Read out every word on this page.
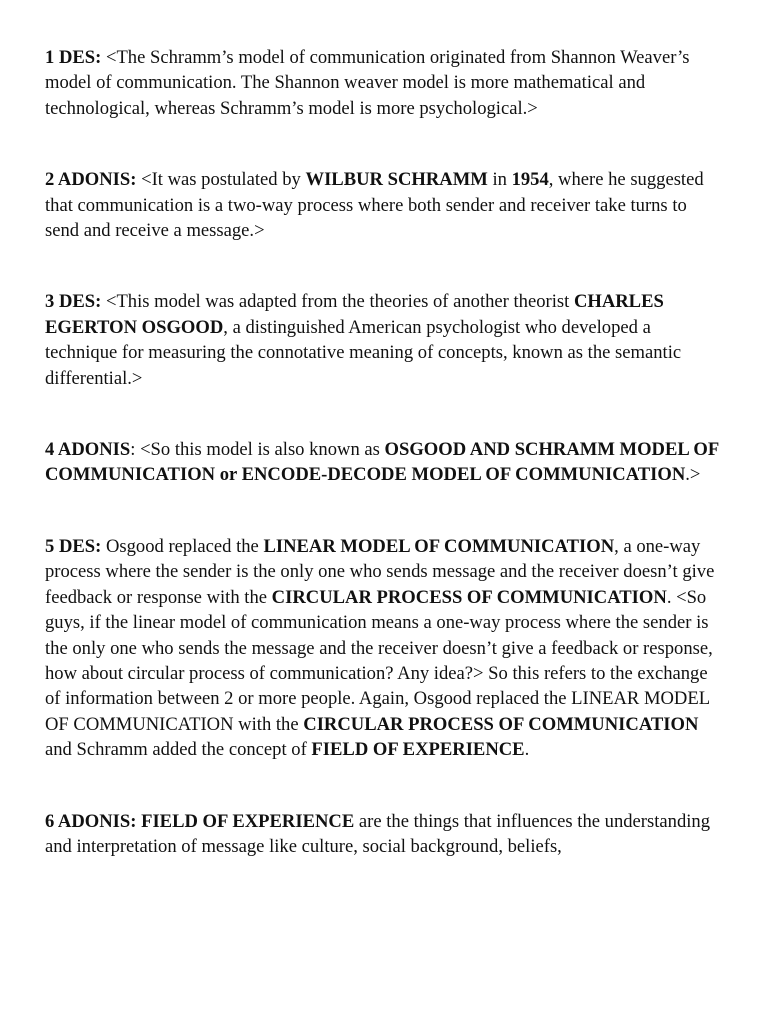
1 DES: <The Schramm’s model of communication originated from Shannon Weaver’s model of communication. The Shannon weaver model is more mathematical and technological, whereas Schramm’s model is more psychological.>

2 ADONIS: <It was postulated by WILBUR SCHRAMM in 1954, where he suggested that communication is a two-way process where both sender and receiver take turns to send and receive a message.>

3 DES: <This model was adapted from the theories of another theorist CHARLES EGERTON OSGOOD, a distinguished American psychologist who developed a technique for measuring the connotative meaning of concepts, known as the semantic differential.>

4 ADONIS: <So this model is also known as OSGOOD AND SCHRAMM MODEL OF COMMUNICATION or ENCODE-DECODE MODEL OF COMMUNICATION.>

5 DES: Osgood replaced the LINEAR MODEL OF COMMUNICATION, a one-way process where the sender is the only one who sends message and the receiver doesn’t give feedback or response with the CIRCULAR PROCESS OF COMMUNICATION. <So guys, if the linear model of communication means a one-way process where the sender is the only one who sends the message and the receiver doesn’t give a feedback or response, how about circular process of communication? Any idea?> So this refers to the exchange of information between 2 or more people. Again, Osgood replaced the LINEAR MODEL OF COMMUNICATION with the CIRCULAR PROCESS OF COMMUNICATION and Schramm added the concept of FIELD OF EXPERIENCE.

6 ADONIS: FIELD OF EXPERIENCE are the things that influences the understanding and interpretation of message like culture, social background, beliefs,
